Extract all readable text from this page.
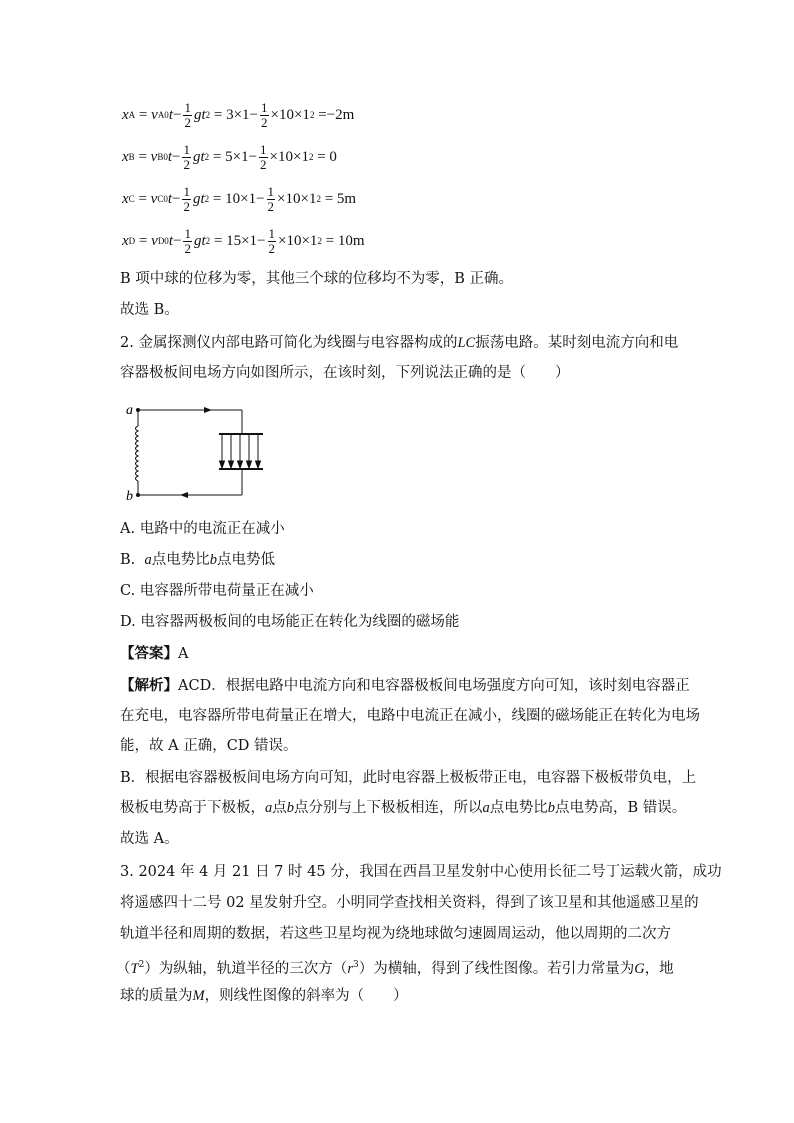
x A
=
v A0 $t - \frac{1}{2}$ gt 2
=
$3\times 1- \frac{1}{2} \times 10\times 1$ 2
=−2m
x B
=
v B0 $t - \frac{1}{2}$ gt 2
=
$5\times 1- \frac{1}{2} \times 10\times 1$ 2
= 0
x C
=
v C0 $t - \frac{1}{2}$ gt 2
=
$10\times 1- \frac{1}{2} \times 10\times 1$ 2
= 5m
x D
=
v D0 $t - \frac{1}{2}$ gt 2
=
$15\times 1- \frac{1}{2} \times 10\times 1$ 2
= 10m
B 项中球的位移为零，其他三个球的位移均不为零，B 正确。
故选 B。
2. 金属探测仪内部电路可简化为线圈与电容器构成的LC振荡电路。某时刻电流方向和电
容器极板间电场方向如图所示，在该时刻，下列说法正确的是（　　）
a
b
A. 电路中的电流正在减小
B.  a点电势比b点电势低
C. 电容器所带电荷量正在减小
D. 电容器两极板间的电场能正在转化为线圈的磁场能
【答案】A
【解析】ACD．根据电路中电流方向和电容器极板间电场强度方向可知，该时刻电容器正
在充电，电容器所带电荷量正在增大，电路中电流正在减小，线圈的磁场能正在转化为电场
能，故 A 正确，CD 错误。
B．根据电容器极板间电场方向可知，此时电容器上极板带正电，电容器下极板带负电，上
极板电势高于下极板，a点b点分别与上下极板相连，所以a点电势比b点电势高，B 错误。
故选 A。
3. 2024 年 4 月 21 日 7 时 45 分，我国在西昌卫星发射中心使用长征二号丁运载火箭，成功
将遥感四十二号 02 星发射升空。小明同学查找相关资料，得到了该卫星和其他遥感卫星的
轨道半径和周期的数据，若这些卫星均视为绕地球做匀速圆周运动，他以周期的二次方
$(T^2)$为纵轴，轨道半径的三次方$(r^3)$为横轴，得到了线性图像。若引力常量为G，地
球的质量为M，则线性图像的斜率为（　　）
